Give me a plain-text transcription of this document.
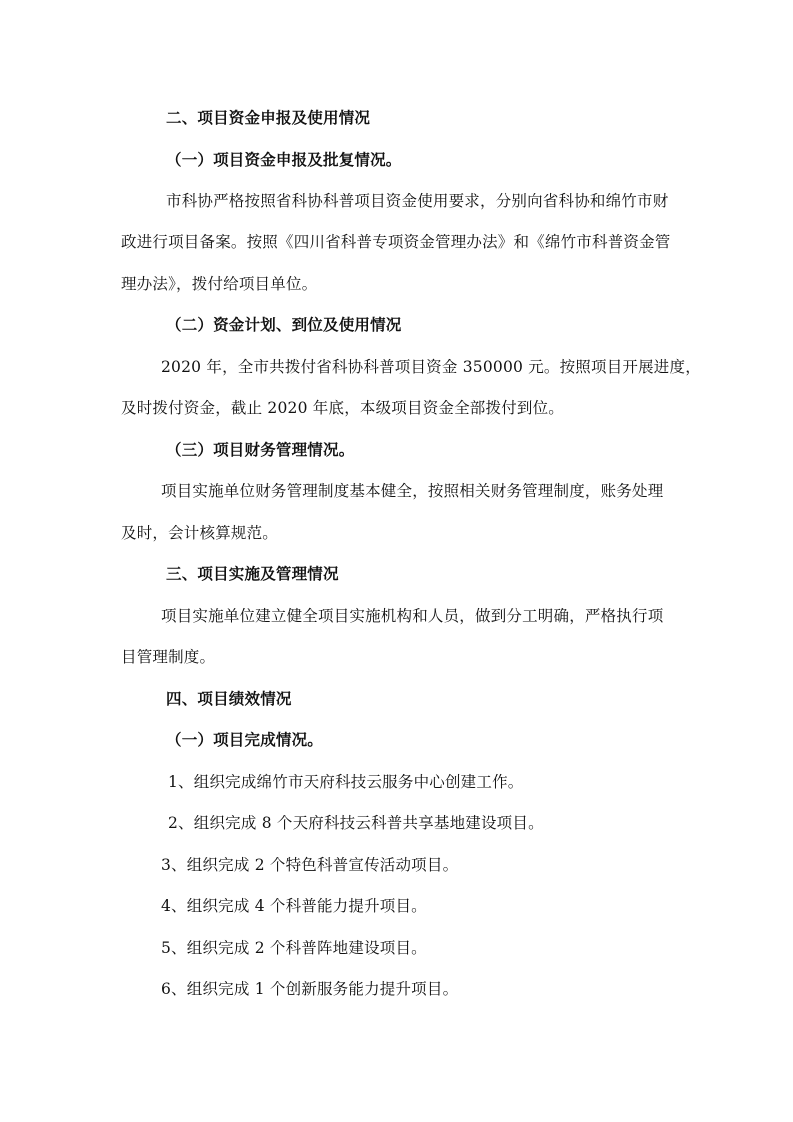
二、项目资金申报及使用情况
（一）项目资金申报及批复情况。
市科协严格按照省科协科普项目资金使用要求，分别向省科协和绵竹市财
政进行项目备案。按照《四川省科普专项资金管理办法》和《绵竹市科普资金管
理办法》，拨付给项目单位。
（二）资金计划、到位及使用情况
2020 年，全市共拨付省科协科普项目资金 350000 元。按照项目开展进度，
及时拨付资金，截止 2020 年底，本级项目资金全部拨付到位。
（三）项目财务管理情况。
项目实施单位财务管理制度基本健全，按照相关财务管理制度，账务处理
及时，会计核算规范。
三、项目实施及管理情况
项目实施单位建立健全项目实施机构和人员，做到分工明确，严格执行项
目管理制度。
四、项目绩效情况
（一）项目完成情况。
1、组织完成绵竹市天府科技云服务中心创建工作。
2、组织完成 8 个天府科技云科普共享基地建设项目。
3、组织完成 2 个特色科普宣传活动项目。
4、组织完成 4 个科普能力提升项目。
5、组织完成 2 个科普阵地建设项目。
6、组织完成 1 个创新服务能力提升项目。
